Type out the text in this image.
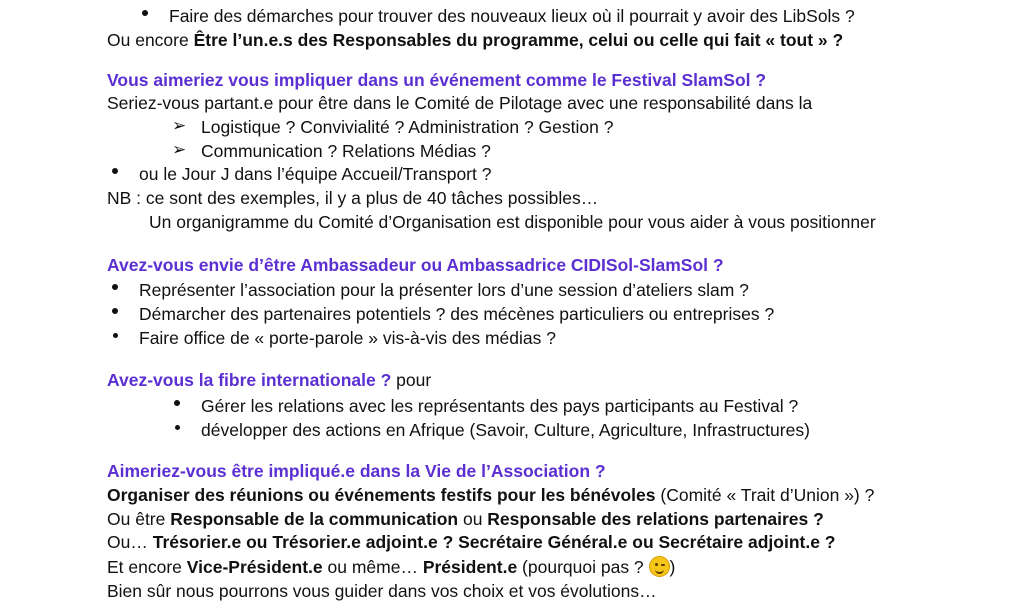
Faire des démarches pour trouver des nouveaux lieux où il pourrait y avoir des LibSols ?
Ou encore Être l’un.e.s des Responsables du programme, celui ou celle qui fait « tout » ?
Vous aimeriez vous impliquer dans un événement comme le Festival SlamSol ?
Seriez-vous partant.e pour être dans le Comité de Pilotage avec une responsabilité dans la
➢ Logistique ? Convivialité ? Administration ? Gestion ?
➢ Communication ? Relations Médias ?
ou le Jour J dans l’équipe Accueil/Transport ?
NB : ce sont des exemples, il y a plus de 40 tâches possibles…
Un organigramme du Comité d’Organisation est disponible pour vous aider à vous positionner
Avez-vous envie d’être Ambassadeur ou Ambassadrice CIDISol-SlamSol ?
Représenter l’association pour la présenter lors d’une session d’ateliers slam ?
Démarcher des partenaires potentiels ? des mécènes particuliers ou entreprises ?
Faire office de « porte-parole » vis-à-vis des médias ?
Avez-vous la fibre internationale ? pour
Gérer les relations avec les représentants des pays participants au Festival ?
développer des actions en Afrique (Savoir, Culture, Agriculture, Infrastructures)
Aimeriez-vous être impliqué.e dans la Vie de l’Association ?
Organiser des réunions ou événements festifs pour les bénévoles (Comité « Trait d’Union ») ?
Ou être Responsable de la communication ou Responsable des relations partenaires ?
Ou… Trésorier.e ou Trésorier.e adjoint.e ? Secrétaire Général.e ou Secrétaire adjoint.e ?
Et encore Vice-Président.e ou même… Président.e (pourquoi pas ?
)
Bien sûr nous pourrons vous guider dans vos choix et vos évolutions…
